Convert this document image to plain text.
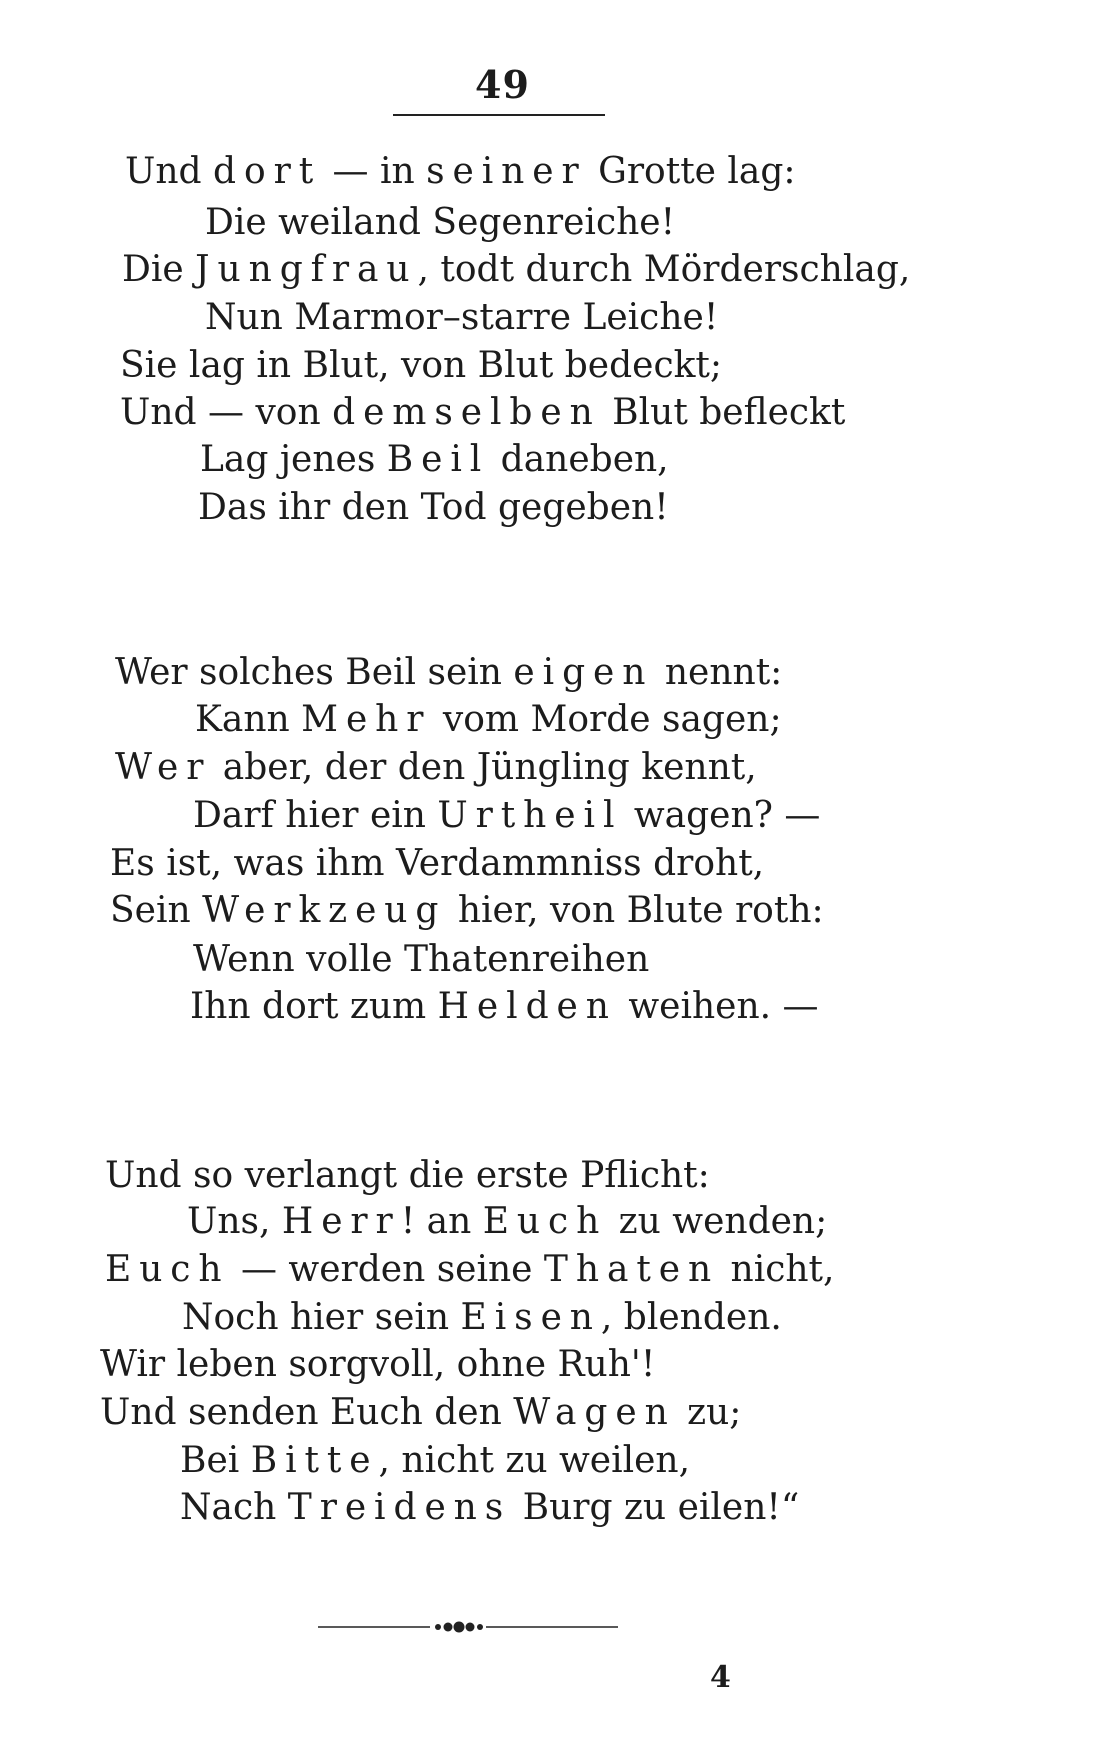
49
Und dort — in seiner Grotte lag:
Die weiland Segenreiche!
Die Jungfrau, todt durch Mörderschlag,
Nun Marmor–starre Leiche!
Sie lag in Blut, von Blut bedeckt;
Und — von demselben Blut befleckt
Lag jenes Beil daneben,
Das ihr den Tod gegeben!
Wer solches Beil sein eigen nennt:
Kann Mehr vom Morde sagen;
Wer aber, der den Jüngling kennt,
Darf hier ein Urtheil wagen? —
Es ist, was ihm Verdammniss droht,
Sein Werkzeug hier, von Blute roth:
Wenn volle Thatenreihen
Ihn dort zum Helden weihen. —
Und so verlangt die erste Pflicht:
Uns, Herr! an Euch zu wenden;
Euch — werden seine Thaten nicht,
Noch hier sein Eisen, blenden.
Wir leben sorgvoll, ohne Ruh'!
Und senden Euch den Wagen zu;
Bei Bitte, nicht zu weilen,
Nach Treidens Burg zu eilen!“
4
